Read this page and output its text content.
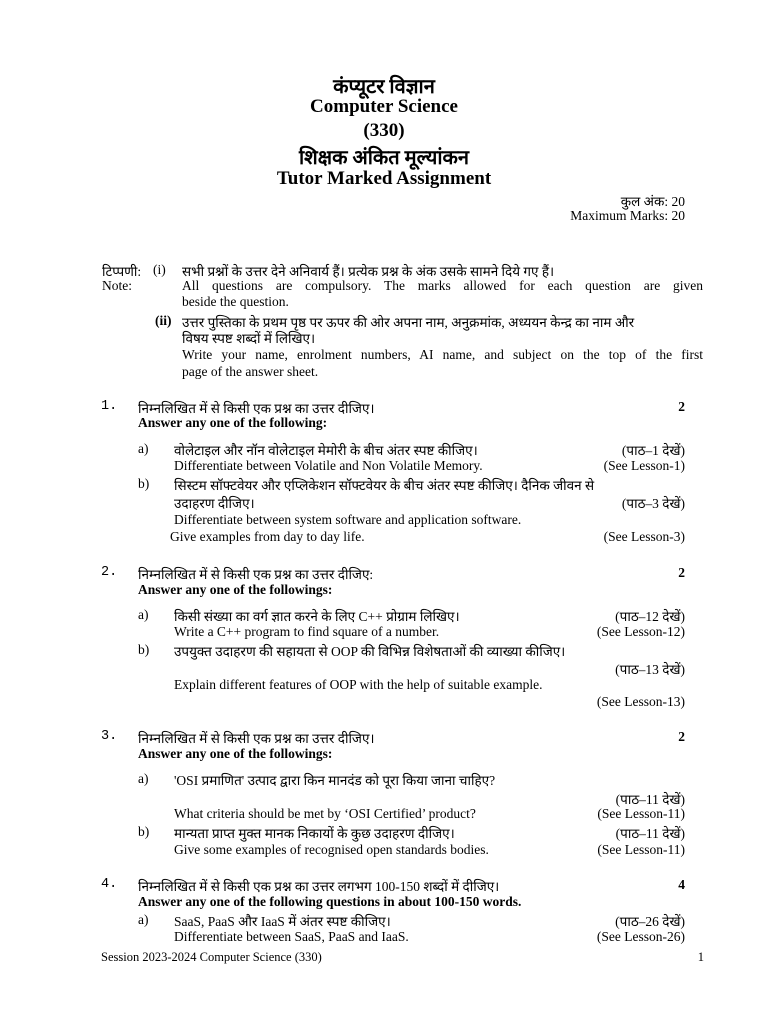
कंप्यूटर विज्ञान
Computer Science
(330)
शिक्षक अंकित मूल्यांकन
Tutor Marked Assignment
कुल अंक: 20
Maximum Marks: 20
टिप्पणी: (i) सभी प्रश्नों के उत्तर देने अनिवार्य हैं। प्रत्येक प्रश्न के अंक उसके सामने दिये गए हैं।
Note:	All questions are compulsory. The marks allowed for each question are given
beside the question.
(ii) उत्तर पुस्तिका के प्रथम पृष्ठ पर ऊपर की ओर अपना नाम, अनुक्रमांक, अध्ययन केन्द्र का नाम और
विषय स्पष्ट शब्दों में लिखिए।
Write your name, enrolment numbers, AI name, and subject on the top of the first
page of the answer sheet.
1. निम्नलिखित में से किसी एक प्रश्न का उत्तर दीजिए।	2
Answer any one of the following:
a) वोलेटाइल और नॉन वोलेटाइल मेमोरी के बीच अंतर स्पष्ट कीजिए।	(पाठ–1 देखें)
Differentiate between Volatile and Non Volatile Memory.	(See Lesson-1)
b) सिस्टम सॉफ्टवेयर और एप्लिकेशन सॉफ्टवेयर के बीच अंतर स्पष्ट कीजिए। दैनिक जीवन से
उदाहरण दीजिए।	(पाठ–3 देखें)
Differentiate between system software and application software.
Give examples from day to day life.	(See Lesson-3)
2. निम्नलिखित में से किसी एक प्रश्न का उत्तर दीजिए:	2
Answer any one of the followings:
a) किसी संख्या का वर्ग ज्ञात करने के लिए C++ प्रोग्राम लिखिए।	(पाठ–12 देखें)
Write a C++ program to find square of a number.	(See Lesson-12)
b) उपयुक्त उदाहरण की सहायता से OOP की विभिन्न विशेषताओं की व्याख्या कीजिए।
(पाठ–13 देखें)
Explain different features of OOP with the help of suitable example.
(See Lesson-13)
3. निम्नलिखित में से किसी एक प्रश्न का उत्तर दीजिए।	2
Answer any one of the followings:
a) 'OSI प्रमाणित' उत्पाद द्वारा किन मानदंड को पूरा किया जाना चाहिए?
(पाठ–11 देखें)
What criteria should be met by ‘OSI Certified’ product?	(See Lesson-11)
b) मान्यता प्राप्त मुक्त मानक निकायों के कुछ उदाहरण दीजिए।	(पाठ–11 देखें)
Give some examples of recognised open standards bodies.	(See Lesson-11)
4. निम्नलिखित में से किसी एक प्रश्न का उत्तर लगभग 100-150 शब्दों में दीजिए।	4
Answer any one of the following questions in about 100-150 words.
a) SaaS, PaaS और IaaS में अंतर स्पष्ट कीजिए।	(पाठ–26 देखें)
Differentiate between SaaS, PaaS and IaaS.	(See Lesson-26)
Session 2023-2024 Computer Science (330)	1
